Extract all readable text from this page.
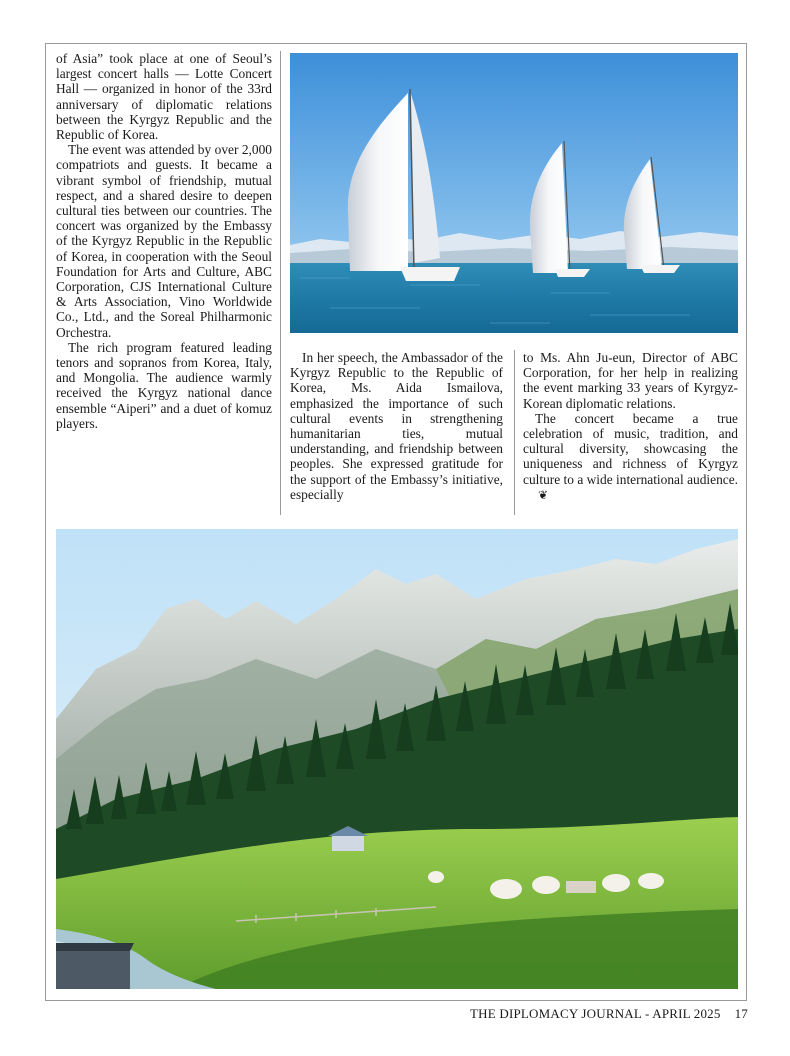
of Asia” took place at one of Seoul’s largest concert halls — Lotte Concert Hall — organized in honor of the 33rd anniversary of diplomatic relations between the Kyrgyz Republic and the Republic of Korea.

The event was attended by over 2,000 compatriots and guests. It became a vibrant symbol of friendship, mutual respect, and a shared desire to deepen cultural ties between our countries. The concert was organized by the Embassy of the Kyrgyz Republic in the Republic of Korea, in cooperation with the Seoul Foundation for Arts and Culture, ABC Corporation, CJS International Culture & Arts Association, Vino Worldwide Co., Ltd., and the Soreal Philharmonic Orchestra.

The rich program featured leading tenors and sopranos from Korea, Italy, and Mongolia. The audience warmly received the Kyrgyz national dance ensemble “Aiperi” and a duet of komuz players.

In her speech, the Ambassador of the Kyrgyz Republic to the Republic of Korea, Ms. Aida Ismailova, emphasized the importance of such cultural events in strengthening humanitarian ties, mutual understanding, and friendship between peoples. She expressed gratitude for the support of the Embassy’s initiative, especially

to Ms. Ahn Ju-eun, Director of ABC Corporation, for her help in realizing the event marking 33 years of Kyrgyz-Korean diplomatic relations.

The concert became a true celebration of music, tradition, and cultural diversity, showcasing the uniqueness and richness of Kyrgyz culture to a wide international audience.❦

THE DIPLOMACY JOURNAL - APRIL 2025 17
